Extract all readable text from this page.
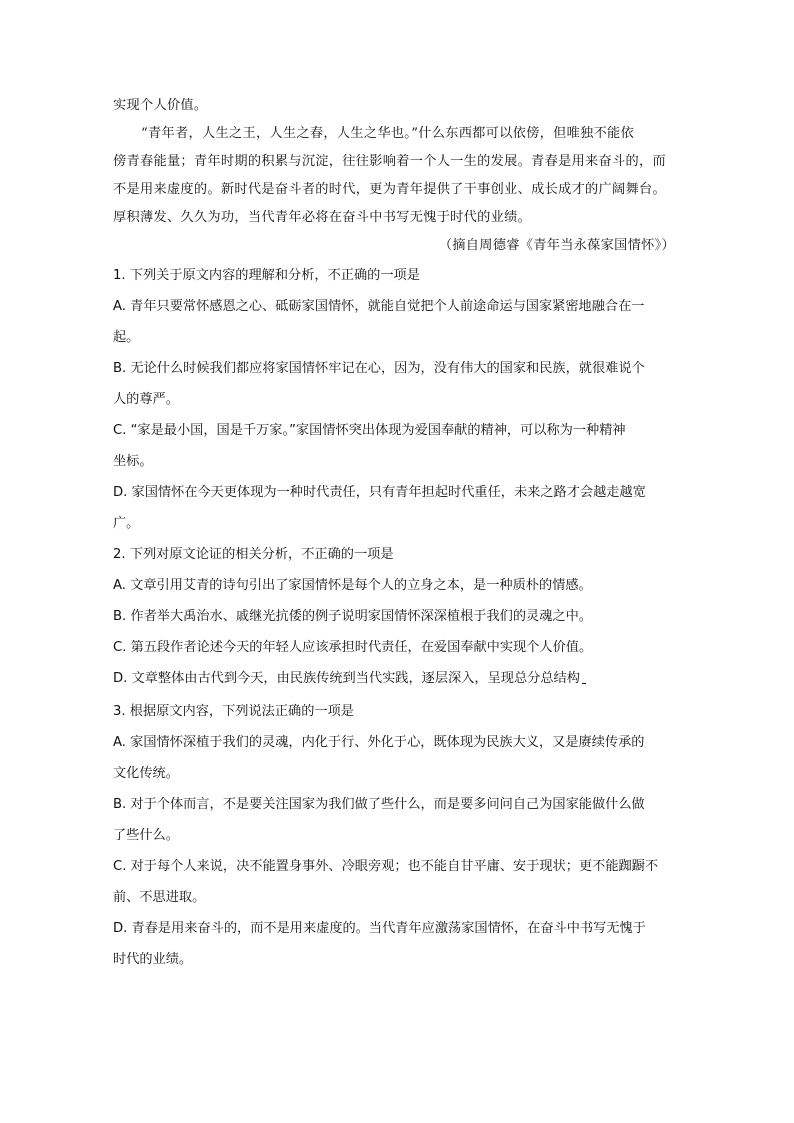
实现个人价值。

“青年者，人生之王，人生之春，人生之华也。”什么东西都可以依傍，但唯独不能依

傍青春能量；青年时期的积累与沉淀，往往影响着一个人一生的发展。青春是用来奋斗的，而

不是用来虚度的。新时代是奋斗者的时代，更为青年提供了干事创业、成长成才的广阔舞台。

厚积薄发、久久为功，当代青年必将在奋斗中书写无愧于时代的业绩。

（摘自周德睿《青年当永葆家国情怀》）

1. 下列关于原文内容的理解和分析，不正确的一项是

A. 青年只要常怀感恩之心、砥砺家国情怀，就能自觉把个人前途命运与国家紧密地融合在一

起。

B. 无论什么时候我们都应将家国情怀牢记在心，因为，没有伟大的国家和民族，就很难说个

人的尊严。

C. “家是最小国，国是千万家。”家国情怀突出体现为爱国奉献的精神，可以称为一种精神

坐标。

D. 家国情怀在今天更体现为一种时代责任，只有青年担起时代重任，未来之路才会越走越宽

广。

2. 下列对原文论证的相关分析，不正确的一项是

A. 文章引用艾青的诗句引出了家国情怀是每个人的立身之本，是一种质朴的情感。

B. 作者举大禹治水、戚继光抗倭的例子说明家国情怀深深植根于我们的灵魂之中。

C. 第五段作者论述今天的年轻人应该承担时代责任，在爱国奉献中实现个人价值。

D. 文章整体由古代到今天，由民族传统到当代实践，逐层深入，呈现总分总结构

3. 根据原文内容，下列说法正确的一项是

A. 家国情怀深植于我们的灵魂，内化于行、外化于心，既体现为民族大义，又是赓续传承的

文化传统。

B. 对于个体而言，不是要关注国家为我们做了些什么，而是要多问问自己为国家能做什么做

了些什么。

C. 对于每个人来说，决不能置身事外、冷眼旁观；也不能自甘平庸、安于现状；更不能踟蹰不

前、不思进取。

D. 青春是用来奋斗的，而不是用来虚度的。当代青年应激荡家国情怀，在奋斗中书写无愧于

时代的业绩。
